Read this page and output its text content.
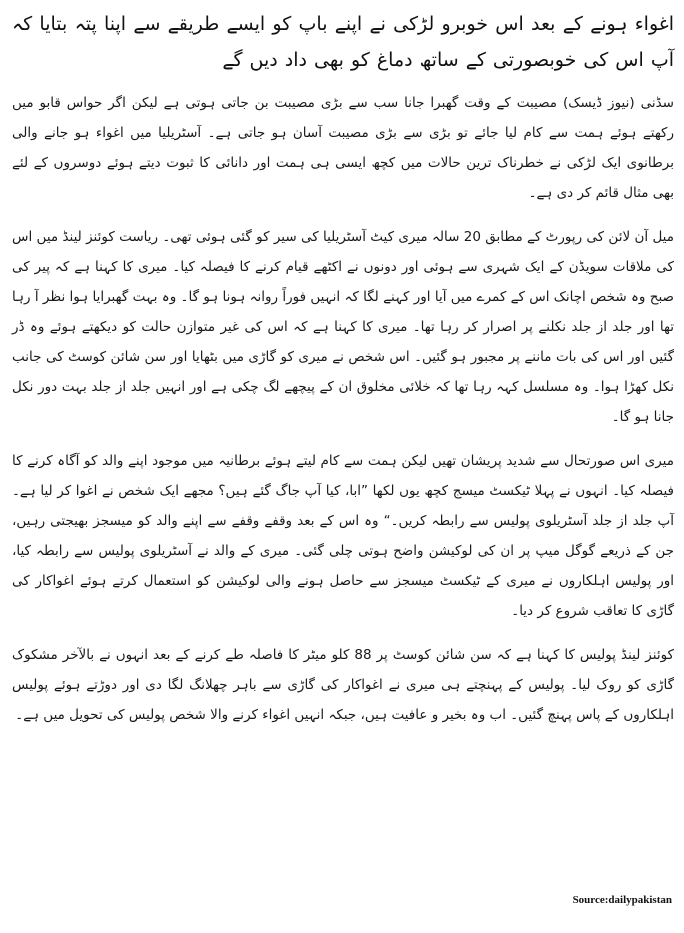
اغواء ہونے کے بعد اس خوبرو لڑکی نے اپنے باپ کو ایسے طریقے سے اپنا پتہ بتایا کہ آپ اس کی خوبصورتی کے ساتھ دماغ کو بھی داد دیں گے
سڈنی (نیوز ڈیسک) مصیبت کے وقت گھبرا جانا سب سے بڑی مصیبت بن جاتی ہوتی ہے لیکن اگر حواس قابو میں رکھتے ہوئے ہمت سے کام لیا جائے تو بڑی سے بڑی مصیبت آسان ہو جاتی ہے۔ آسٹریلیا میں اغواء ہو جانے والی برطانوی ایک لڑکی نے خطرناک ترین حالات میں کچھ ایسی ہی ہمت اور دانائی کا ثبوت دیتے ہوئے دوسروں کے لئے بھی مثال قائم کر دی ہے۔
میل آن لائن کی رپورٹ کے مطابق 20 سالہ میری کیٹ آسٹریلیا کی سیر کو گئی ہوئی تھی۔ ریاست کوئنز لینڈ میں اس کی ملاقات سویڈن کے ایک شہری سے ہوئی اور دونوں نے اکٹھے قیام کرنے کا فیصلہ کیا۔ میری کا کہنا ہے کہ پیر کی صبح وہ شخص اچانک اس کے کمرے میں آیا اور کہنے لگا کہ انہیں فوراً روانہ ہونا ہو گا۔ وہ بہت گھبرایا ہوا نظر آ رہا تھا اور جلد از جلد نکلنے پر اصرار کر رہا تھا۔ میری کا کہنا ہے کہ اس کی غیر متوازن حالت کو دیکھتے ہوئے وہ ڈر گئیں اور اس کی بات ماننے پر مجبور ہو گئیں۔ اس شخص نے میری کو گاڑی میں بٹھایا اور سن شائن کوسٹ کی جانب نکل کھڑا ہوا۔ وہ مسلسل کہہ رہا تھا کہ خلائی مخلوق ان کے پیچھے لگ چکی ہے اور انہیں جلد از جلد بہت دور نکل جانا ہو گا۔
میری اس صورتحال سے شدید پریشان تھیں لیکن ہمت سے کام لیتے ہوئے برطانیہ میں موجود اپنے والد کو آگاہ کرنے کا فیصلہ کیا۔ انہوں نے پہلا ٹیکسٹ میسج کچھ یوں لکھا ”ابا، کیا آپ جاگ گئے ہیں؟ مجھے ایک شخص نے اغوا کر لیا ہے۔ آپ جلد از جلد آسٹریلوی پولیس سے رابطہ کریں۔“ وہ اس کے بعد وقفے وقفے سے اپنے والد کو میسجز بھیجتی رہیں، جن کے ذریعے گوگل میپ پر ان کی لوکیشن واضح ہوتی چلی گئی۔ میری کے والد نے آسٹریلوی پولیس سے رابطہ کیا، اور پولیس اہلکاروں نے میری کے ٹیکسٹ میسجز سے حاصل ہونے والی لوکیشن کو استعمال کرتے ہوئے اغواکار کی گاڑی کا تعاقب شروع کر دیا۔
کوئنز لینڈ پولیس کا کہنا ہے کہ سن شائن کوسٹ پر 88 کلو میٹر کا فاصلہ طے کرنے کے بعد انہوں نے بالآخر مشکوک گاڑی کو روک لیا۔ پولیس کے پہنچتے ہی میری نے اغواکار کی گاڑی سے باہر چھلانگ لگا دی اور دوڑتے ہوئے پولیس اہلکاروں کے پاس پہنچ گئیں۔ اب وہ بخیر و عافیت ہیں، جبکہ انہیں اغواء کرنے والا شخص پولیس کی تحویل میں ہے۔
Source:dailypakistan
